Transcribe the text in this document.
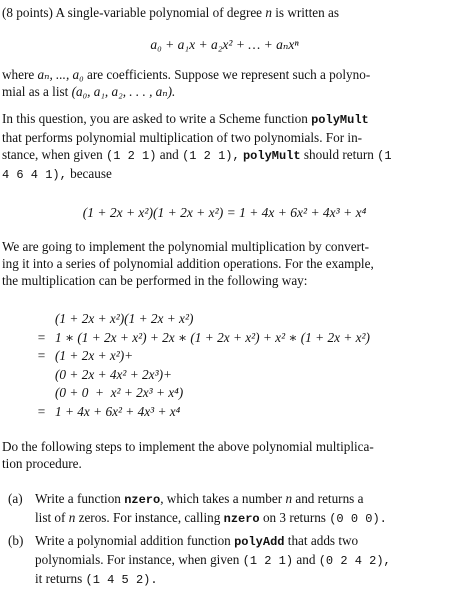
(8 points) A single-variable polynomial of degree n is written as
a₀ + a₁x + a₂x² + … + aₙxⁿ
where aₙ, ..., a₀ are coefficients. Suppose we represent such a polyno-
mial as a list (a₀, a₁, a₂, . . . , aₙ).
In this question, you are asked to write a Scheme function polyMult
that performs polynomial multiplication of two polynomials. For in-
stance, when given (1 2 1) and (1 2 1), polyMult should return (1
4 6 4 1), because
(1 + 2x + x²)(1 + 2x + x²) = 1 + 4x + 6x² + 4x³ + x⁴
We are going to implement the polynomial multiplication by convert-
ing it into a series of polynomial addition operations. For the example,
the multiplication can be performed in the following way:
(1 + 2x + x²)(1 + 2x + x²)
= 1 ∗ (1 + 2x + x²) + 2x ∗ (1 + 2x + x²) + x² ∗ (1 + 2x + x²)
= (1 + 2x + x²)+
(0 + 2x + 4x² + 2x³)+
(0 + 0  +  x² + 2x³ + x⁴)
= 1 + 4x + 6x² + 4x³ + x⁴
Do the following steps to implement the above polynomial multiplica-
tion procedure.
(a) Write a function nzero, which takes a number n and returns a
list of n zeros. For instance, calling nzero on 3 returns (0 0 0).
(b) Write a polynomial addition function polyAdd that adds two
polynomials. For instance, when given (1 2 1) and (0 2 4 2),
it returns (1 4 5 2).
